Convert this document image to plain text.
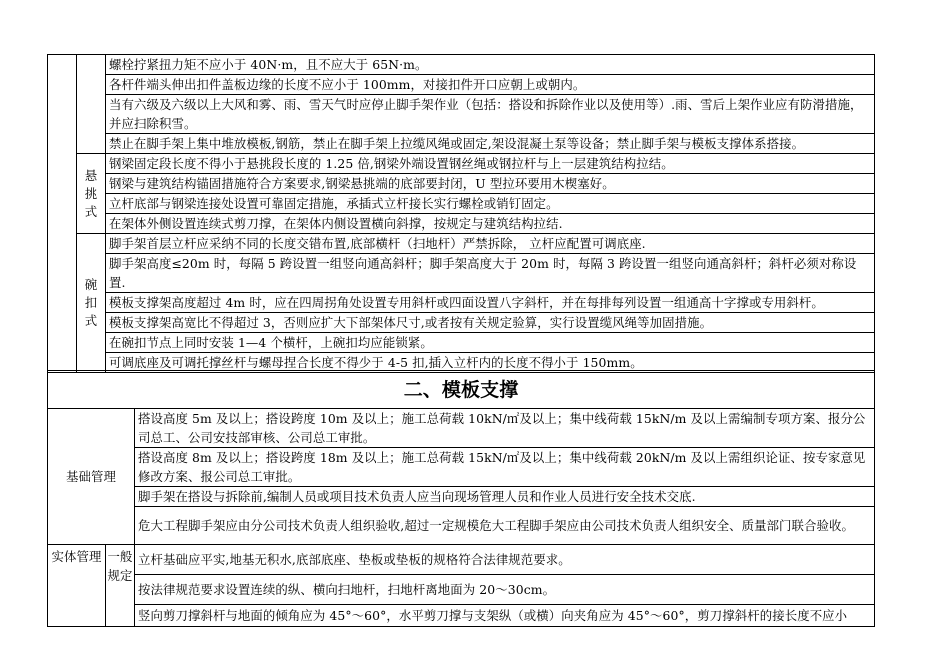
		螺栓拧紧扭力矩不应小于 40N·m，且不应大于 65N·m。
		各杆件端头伸出扣件盖板边缘的长度不应小于 100mm，对接扣件开口应朝上或朝内。
		当有六级及六级以上大风和雾、雨、雪天气时应停止脚手架作业（包括：搭设和拆除作业以及使用等）.雨、雪后上架作业应有防滑措施，并应扫除积雪。
		禁止在脚手架上集中堆放模板,钢筋，禁止在脚手架上拉缆风绳或固定,架设混凝土泵等设备；禁止脚手架与模板支撑体系搭接。
	悬挑式	钢梁固定段长度不得小于悬挑段长度的 1.25 倍,钢梁外端设置钢丝绳或钢拉杆与上一层建筑结构拉结。
		钢梁与建筑结构锚固措施符合方案要求,钢梁悬挑端的底部要封闭，U 型拉环要用木楔塞好。
		立杆底部与钢梁连接处设置可靠固定措施，承插式立杆接长实行螺栓或销钉固定。
		在架体外侧设置连续式剪刀撑，在架体内侧设置横向斜撑，按规定与建筑结构拉结.
	碗扣式	脚手架首层立杆应采纳不同的长度交错布置,底部横杆（扫地杆）严禁拆除， 立杆应配置可调底座.
		脚手架高度≤20m 时，每隔 5 跨设置一组竖向通高斜杆；脚手架高度大于 20m 时，每隔 3 跨设置一组竖向通高斜杆；斜杆必须对称设置.
		模板支撑架高度超过 4m 时，应在四周拐角处设置专用斜杆或四面设置八字斜杆，并在每排每列设置一组通高十字撑或专用斜杆。
		模板支撑架高宽比不得超过 3，否则应扩大下部架体尺寸,或者按有关规定验算，实行设置缆风绳等加固措施。
		在碗扣节点上同时安装 1—4 个横杆，上碗扣均应能锁紧。
		可调底座及可调托撑丝杆与螺母捏合长度不得少于 4-5 扣,插入立杆内的长度不得小于 150mm。
二、模板支撑		
基础管理		搭设高度 5m 及以上；搭设跨度 10m 及以上；施工总荷载 10kN/㎡及以上；集中线荷载 15kN/m 及以上需编制专项方案、报分公司总工、公司安技部审核、公司总工审批。
		搭设高度 8m 及以上；搭设跨度 18m 及以上；施工总荷载 15kN/㎡及以上；集中线荷载 20kN/m 及以上需组织论证、按专家意见修改方案、报公司总工审批。
		脚手架在搭设与拆除前,编制人员或项目技术负责人应当向现场管理人员和作业人员进行安全技术交底.
		危大工程脚手架应由分公司技术负责人组织验收,超过一定规模危大工程脚手架应由公司技术负责人组织安全、质量部门联合验收。
实体管理	一般规定	立杆基础应平实,地基无积水,底部底座、垫板或垫板的规格符合法律规范要求。
		按法律规范要求设置连续的纵、横向扫地杆，扫地杆离地面为 20～30cm。
		竖向剪刀撑斜杆与地面的倾角应为 45°～60°，水平剪刀撑与支架纵（或横）向夹角应为 45°～60°，剪刀撑斜杆的接长度不应小
